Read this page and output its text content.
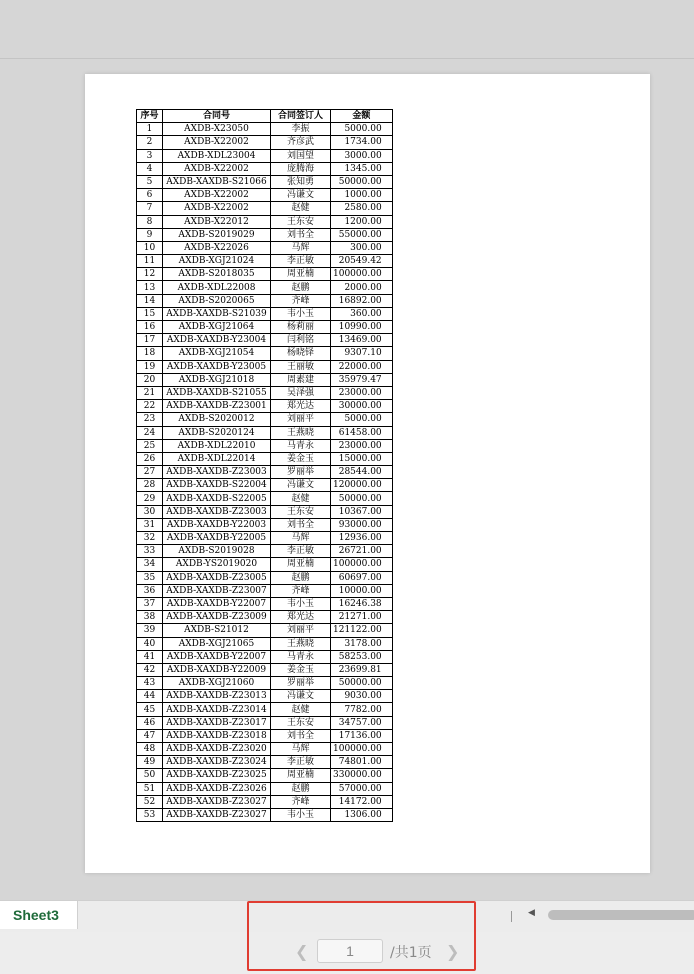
序号	合同号	合同签订人	金额
1	AXDB-X23050	李振	5000.00
2	AXDB-X22002	齐彦武	1734.00
3	AXDB-XDL23004	刘国望	3000.00
4	AXDB-X22002	庞腾海	1345.00
5	AXDB-XAXDB-S21066	张知勇	50000.00
6	AXDB-X22002	冯谦文	1000.00
7	AXDB-X22002	赵健	2580.00
8	AXDB-X22012	王东安	1200.00
9	AXDB-S2019029	刘书全	55000.00
10	AXDB-X22026	马辉	300.00
11	AXDB-XGJ21024	李正敏	20549.42
12	AXDB-S2018035	周亚楠	100000.00
13	AXDB-XDL22008	赵鹏	2000.00
14	AXDB-S2020065	齐峰	16892.00
15	AXDB-XAXDB-S21039	韦小玉	360.00
16	AXDB-XGJ21064	杨莉丽	10990.00
17	AXDB-XAXDB-Y23004	闫利铭	13469.00
18	AXDB-XGJ21054	杨晓铎	9307.10
19	AXDB-XAXDB-Y23005	王丽敏	22000.00
20	AXDB-XGJ21018	周素建	35979.47
21	AXDB-XAXDB-S21055	吴泽强	23000.00
22	AXDB-XAXDB-Z23001	郑光达	30000.00
23	AXDB-S2020012	刘丽平	5000.00
24	AXDB-S2020124	王燕晓	61458.00
25	AXDB-XDL22010	马青永	23000.00
26	AXDB-XDL22014	姜金玉	15000.00
27	AXDB-XAXDB-Z23003	罗丽举	28544.00
28	AXDB-XAXDB-S22004	冯谦文	120000.00
29	AXDB-XAXDB-S22005	赵健	50000.00
30	AXDB-XAXDB-Z23003	王东安	10367.00
31	AXDB-XAXDB-Y22003	刘书全	93000.00
32	AXDB-XAXDB-Y22005	马辉	12936.00
33	AXDB-S2019028	李正敏	26721.00
34	AXDB-YS2019020	周亚楠	100000.00
35	AXDB-XAXDB-Z23005	赵鹏	60697.00
36	AXDB-XAXDB-Z23007	齐峰	10000.00
37	AXDB-XAXDB-Y22007	韦小玉	16246.38
38	AXDB-XAXDB-Z23009	郑光达	21271.00
39	AXDB-S21012	刘丽平	121122.00
40	AXDB-XGJ21065	王燕晓	3178.00
41	AXDB-XAXDB-Y22007	马青永	58253.00
42	AXDB-XAXDB-Y22009	姜金玉	23699.81
43	AXDB-XGJ21060	罗丽举	50000.00
44	AXDB-XAXDB-Z23013	冯谦文	9030.00
45	AXDB-XAXDB-Z23014	赵健	7782.00
46	AXDB-XAXDB-Z23017	王东安	34757.00
47	AXDB-XAXDB-Z23018	刘书全	17136.00
48	AXDB-XAXDB-Z23020	马辉	100000.00
49	AXDB-XAXDB-Z23024	李正敏	74801.00
50	AXDB-XAXDB-Z23025	周亚楠	330000.00
51	AXDB-XAXDB-Z23026	赵鹏	57000.00
52	AXDB-XAXDB-Z23027	齐峰	14172.00
53	AXDB-XAXDB-Z23027	韦小玉	1306.00
Sheet3	◀
❮	1	/共1页 ❯
